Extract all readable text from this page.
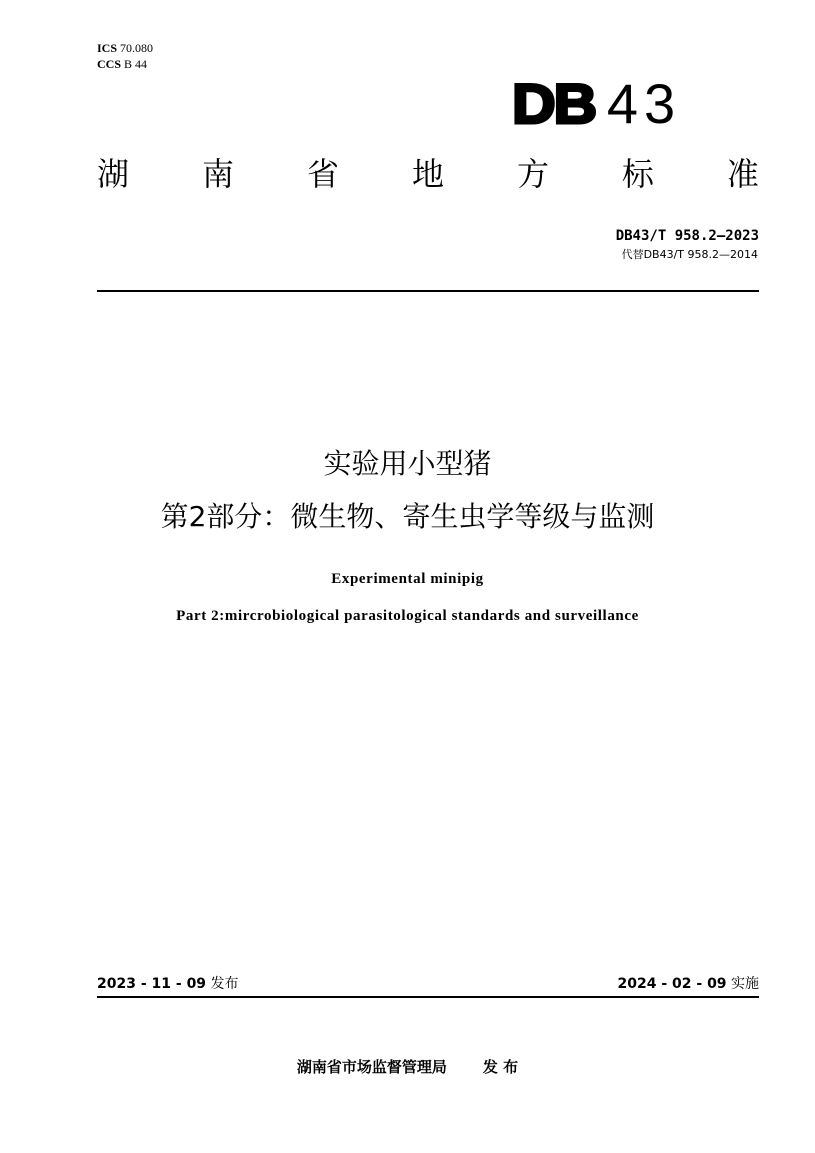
ICS 70.080
CCS B 44
DB 43
湖 南 省 地 方 标 准
DB43/T 958.2—2023
代替DB43/T 958.2—2014
实验用小型猪
第2部分：微生物、寄生虫学等级与监测
Experimental minipig
Part 2:mircrobiological parasitological standards and surveillance
2023 - 11 - 09 发布	2024 - 02 - 09 实施
湖南省市场监督管理局 发 布
